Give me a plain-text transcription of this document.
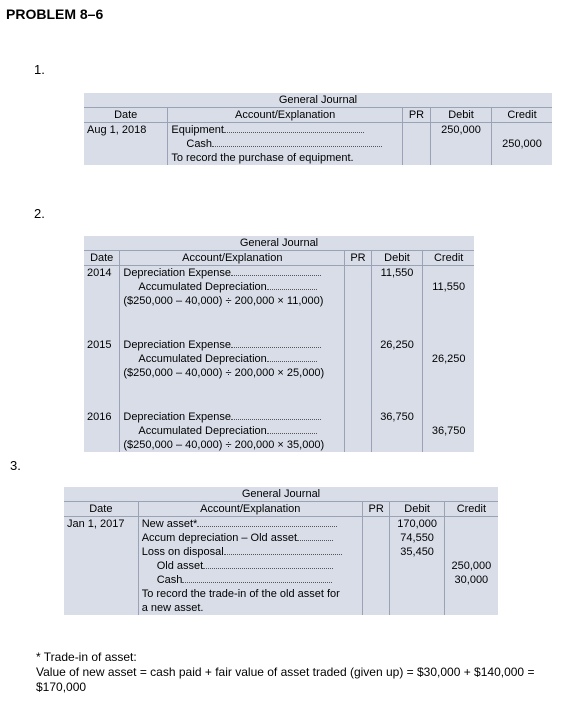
PROBLEM 8–6
1.
2.
3.
General Journal				
Date	Account/Explanation	PR	Debit	Credit
Aug 1, 2018	Equipment		250,000	
	Cash			250,000
	To record the purchase of equipment.			
General Journal				
Date	Account/Explanation	PR	Debit	Credit
2014	Depreciation Expense		11,550	
	Accumulated Depreciation			11,550
	($250,000 – 40,000) ÷ 200,000 × 11,000)			

2015	Depreciation Expense		26,250	
	Accumulated Depreciation			26,250
	($250,000 – 40,000) ÷ 200,000 × 25,000)			

2016	Depreciation Expense		36,750	
	Accumulated Depreciation			36,750
	($250,000 – 40,000) ÷ 200,000 × 35,000)			
General Journal				
Date	Account/Explanation	PR	Debit	Credit
Jan 1, 2017	New asset*		170,000	
	Accum depreciation – Old asset		74,550	
	Loss on disposal		35,450	
	Old asset			250,000
	Cash			30,000
	To record the trade-in of the old asset for			
	a new asset.			
* Trade-in of asset:
Value of new asset = cash paid + fair value of asset traded (given up) = $30,000 + $140,000 = $170,000
